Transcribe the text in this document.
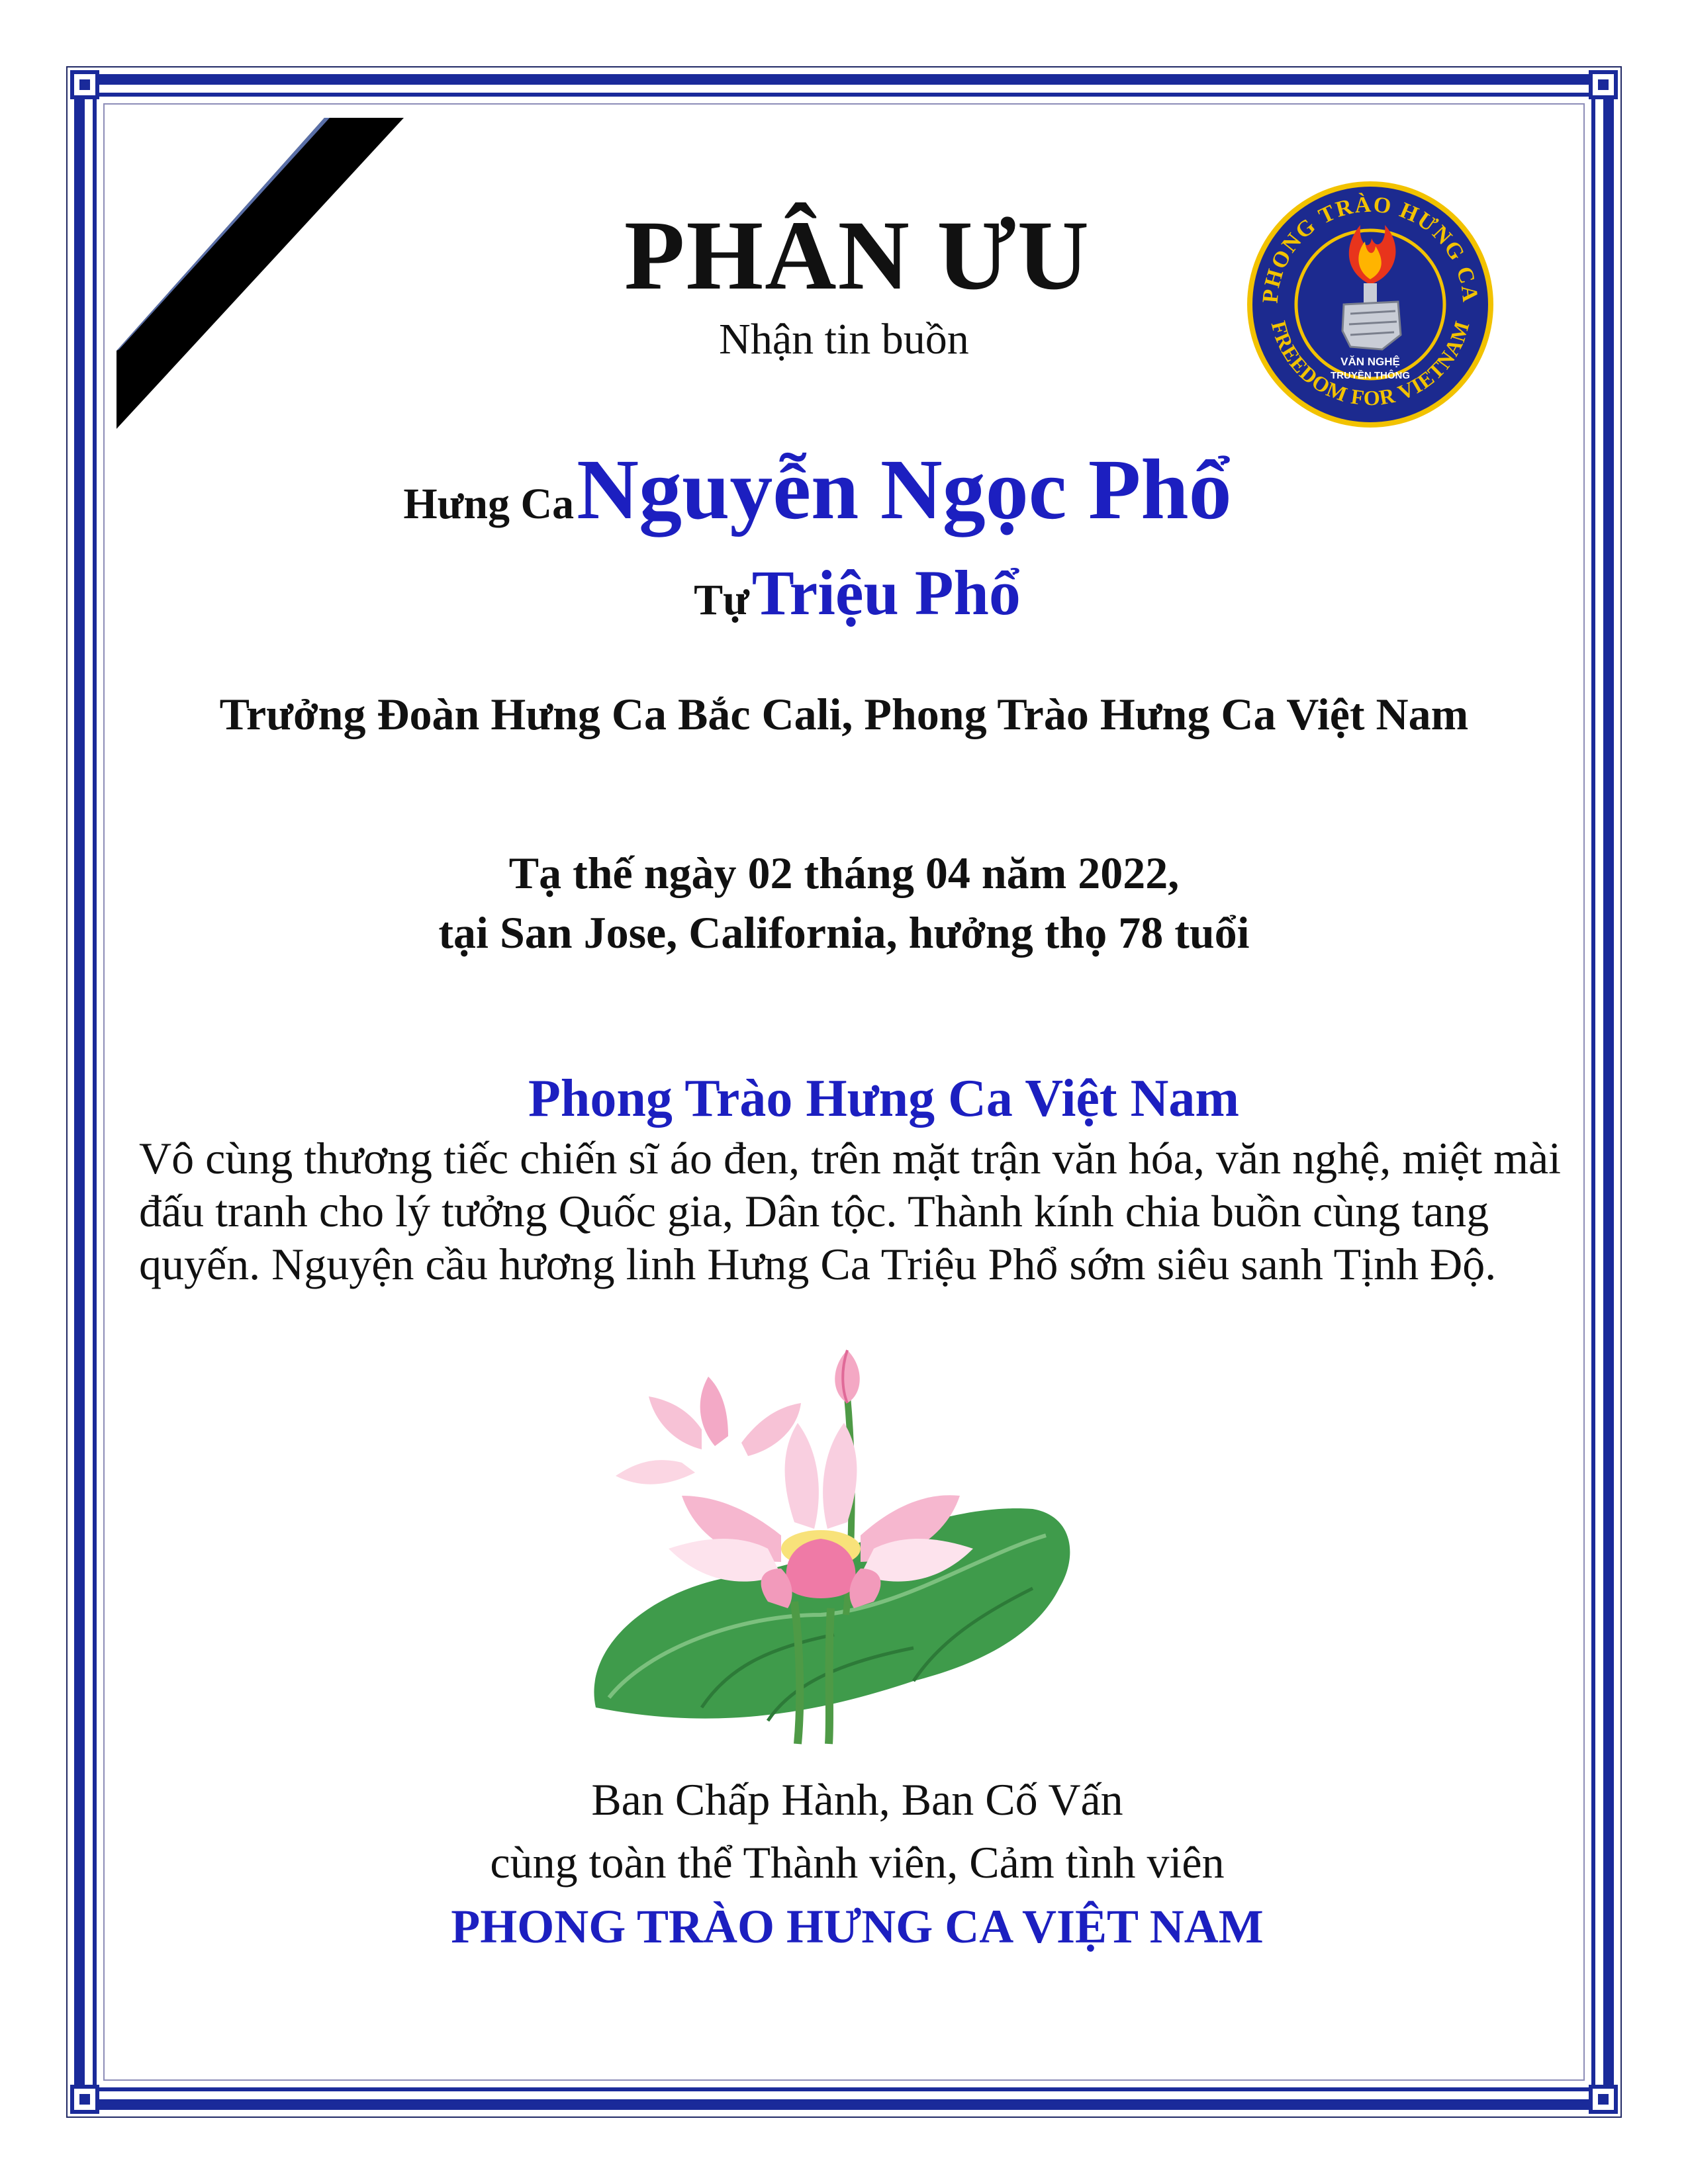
PHONG TRÀO HƯNG CA
FREEDOM FOR VIETNAM
VĂN NGHỆ
TRUYỀN THÔNG
PHÂN ƯU
Nhận tin buồn
Hưng Ca Nguyễn Ngọc Phổ
Tự Triệu Phổ
Trưởng Đoàn Hưng Ca Bắc Cali, Phong Trào Hưng Ca Việt Nam
Tạ thế ngày 02 tháng 04 năm 2022,
tại San Jose, California, hưởng thọ 78 tuổi
Phong Trào Hưng Ca Việt Nam
Vô cùng thương tiếc chiến sĩ áo đen, trên mặt trận văn hóa, văn nghệ, miệt mài đấu tranh cho lý tưởng Quốc gia, Dân tộc. Thành kính chia buồn cùng tang quyến. Nguyện cầu hương linh Hưng Ca Triệu Phổ sớm siêu sanh Tịnh Độ.
Ban Chấp Hành, Ban Cố Vấn
cùng toàn thể Thành viên, Cảm tình viên
PHONG TRÀO HƯNG CA VIỆT NAM
